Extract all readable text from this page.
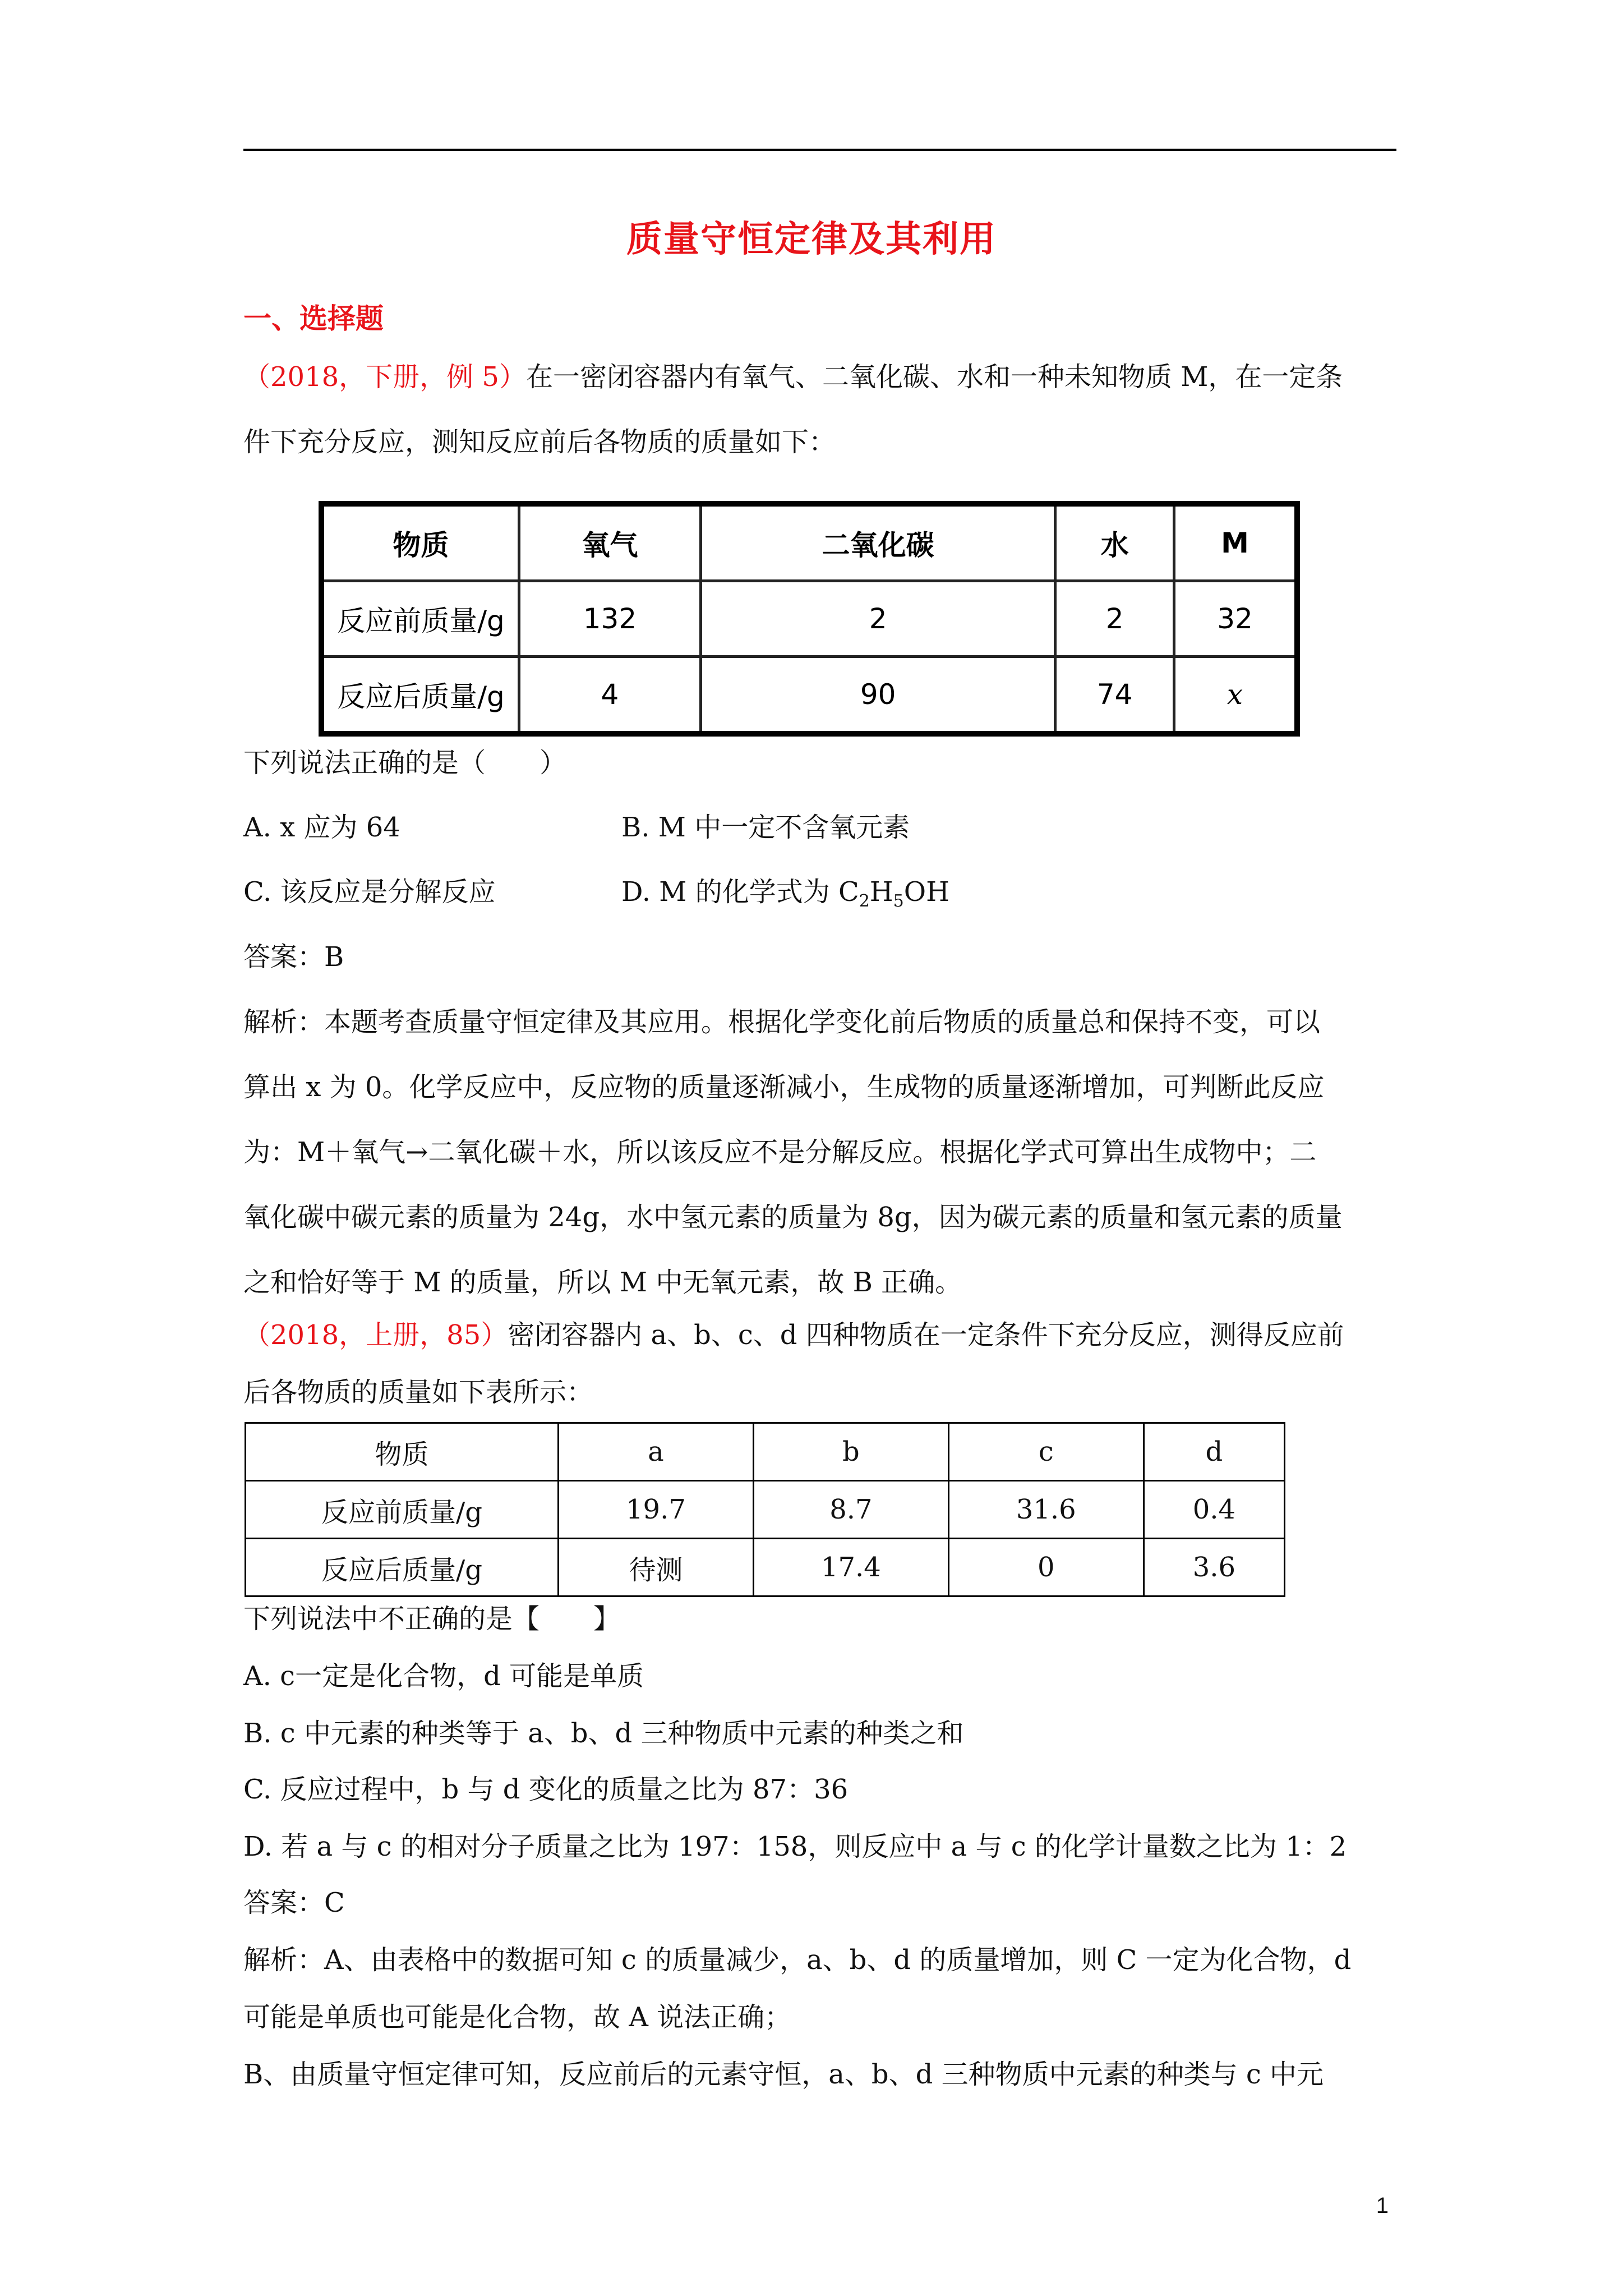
质量守恒定律及其利用
一、选择题
（2018，下册，例 5）在一密闭容器内有氧气、二氧化碳、水和一种未知物质 M，在一定条
件下充分反应，测知反应前后各物质的质量如下：
物质	氧气	二氧化碳	水	M
反应前质量/g	132	2	2	32
反应后质量/g	4	90	74	x
下列说法正确的是（　　）
A. x 应为 64	B. M 中一定不含氧元素
C. 该反应是分解反应	D. M 的化学式为 $C_2H_5OH$
答案：B
解析：本题考查质量守恒定律及其应用。根据化学变化前后物质的质量总和保持不变，可以
算出 x 为 0。化学反应中，反应物的质量逐渐减小，生成物的质量逐渐增加，可判断此反应
为：M＋氧气→二氧化碳＋水，所以该反应不是分解反应。根据化学式可算出生成物中；二
氧化碳中碳元素的质量为 24g，水中氢元素的质量为 8g，因为碳元素的质量和氢元素的质量
之和恰好等于 M 的质量，所以 M 中无氧元素，故 B 正确。
（2018，上册，85）密闭容器内 a、b、c、d 四种物质在一定条件下充分反应，测得反应前
后各物质的质量如下表所示：
物质	a	b	c	d
反应前质量/g	19.7	8.7	31.6	0.4
反应后质量/g	待测	17.4	0	3.6
下列说法中不正确的是【　　】
A. c一定是化合物，d 可能是单质
B. c 中元素的种类等于 a、b、d 三种物质中元素的种类之和
C. 反应过程中，b 与 d 变化的质量之比为 87：36
D. 若 a 与 c 的相对分子质量之比为 197：158，则反应中 a 与 c 的化学计量数之比为 1：2
答案：C
解析：A、由表格中的数据可知 c 的质量减少，a、b、d 的质量增加，则 C 一定为化合物，d
可能是单质也可能是化合物，故 A 说法正确；
B、由质量守恒定律可知，反应前后的元素守恒，a、b、d 三种物质中元素的种类与 c 中元
1
